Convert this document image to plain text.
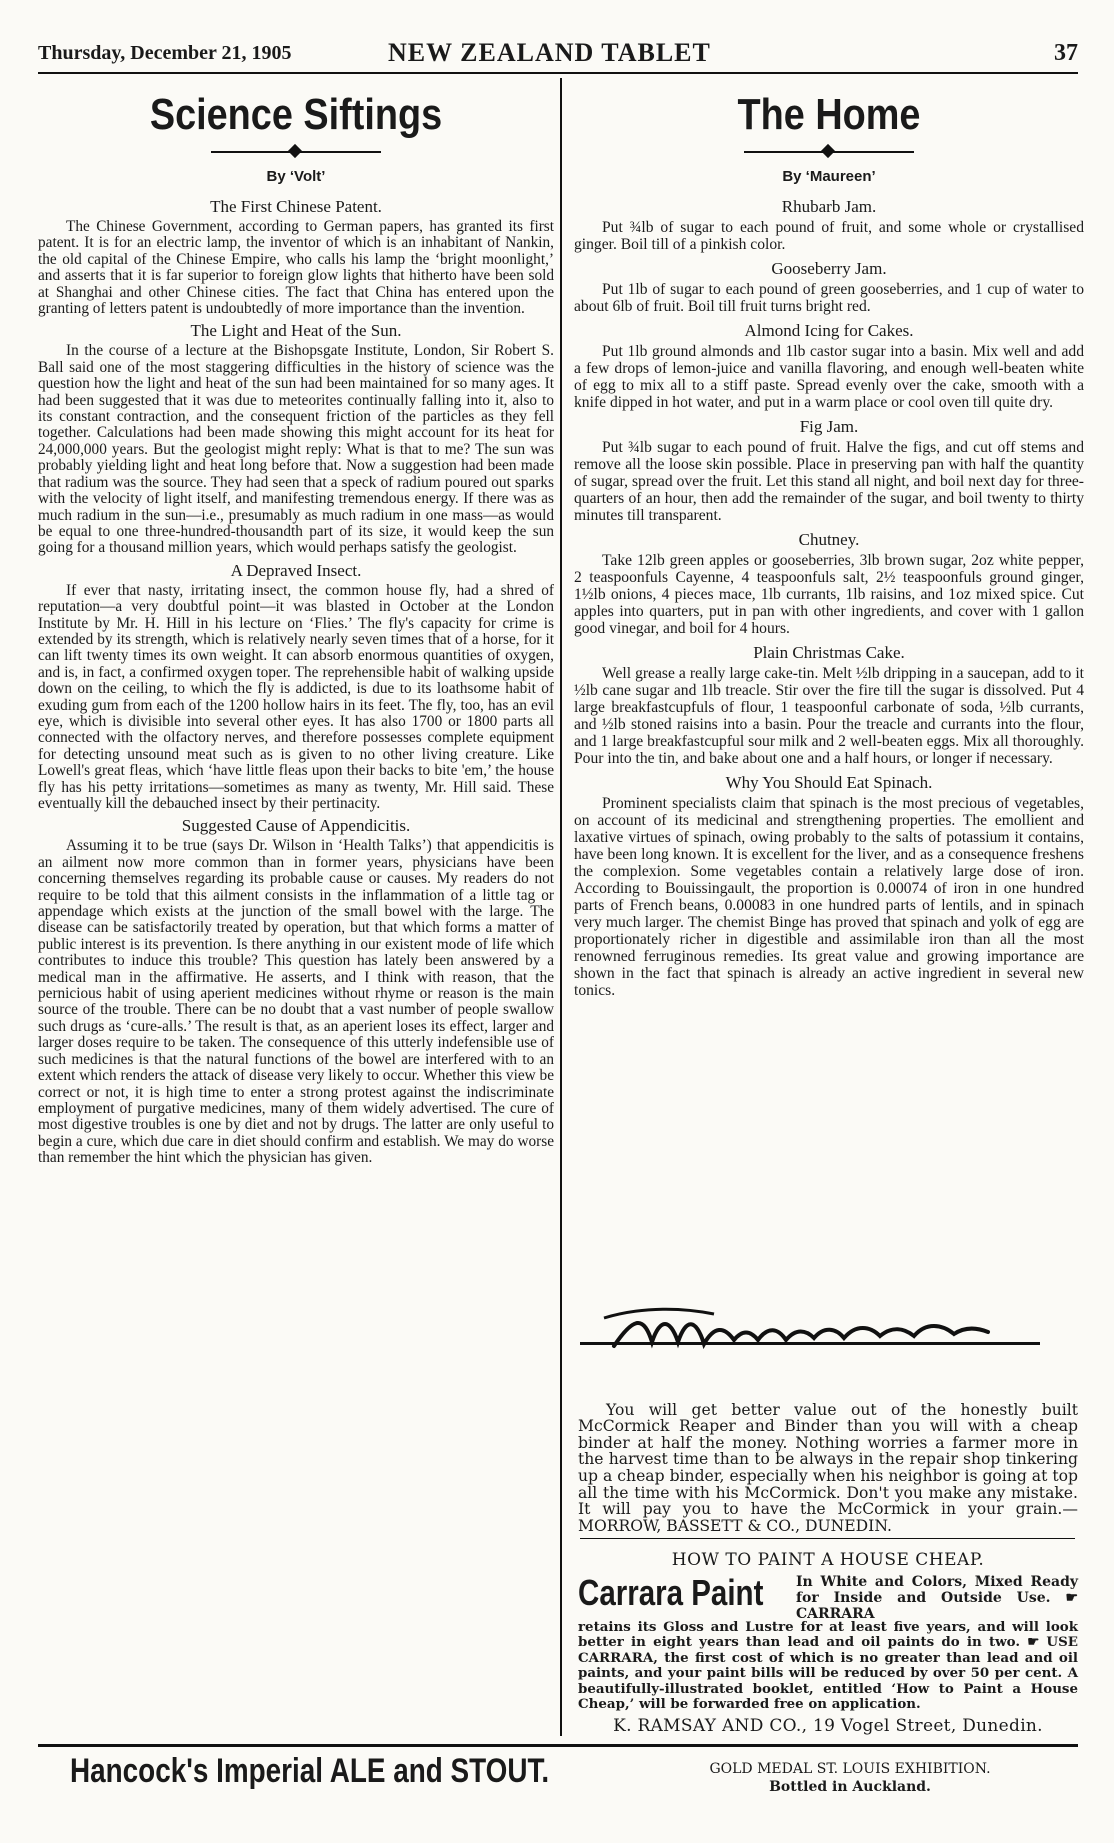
Thursday, December 21, 1905	NEW ZEALAND TABLET	37
Science Siftings
By ‘Volt’
The First Chinese Patent.

The Chinese Government, according to German papers, has granted its first patent. It is for an electric lamp, the inventor of which is an inhabitant of Nankin, the old capital of the Chinese Empire, who calls his lamp the ‘bright moonlight,’ and asserts that it is far superior to foreign glow lights that hitherto have been sold at Shanghai and other Chinese cities. The fact that China has entered upon the granting of letters patent is undoubtedly of more importance than the invention.

The Light and Heat of the Sun.

In the course of a lecture at the Bishopsgate Institute, London, Sir Robert S. Ball said one of the most staggering difficulties in the history of science was the question how the light and heat of the sun had been maintained for so many ages. It had been suggested that it was due to meteorites continually falling into it, also to its constant contraction, and the consequent friction of the particles as they fell together. Calculations had been made showing this might account for its heat for 24,000,000 years. But the geologist might reply: What is that to me? The sun was probably yielding light and heat long before that. Now a suggestion had been made that radium was the source. They had seen that a speck of radium poured out sparks with the velocity of light itself, and manifesting tremendous energy. If there was as much radium in the sun—i.e., presumably as much radium in one mass—as would be equal to one three-hundred-thousandth part of its size, it would keep the sun going for a thousand million years, which would perhaps satisfy the geologist.

A Depraved Insect.

If ever that nasty, irritating insect, the common house fly, had a shred of reputation—a very doubtful point—it was blasted in October at the London Institute by Mr. H. Hill in his lecture on ‘Flies.’ The fly's capacity for crime is extended by its strength, which is relatively nearly seven times that of a horse, for it can lift twenty times its own weight. It can absorb enormous quantities of oxygen, and is, in fact, a confirmed oxygen toper. The reprehensible habit of walking upside down on the ceiling, to which the fly is addicted, is due to its loathsome habit of exuding gum from each of the 1200 hollow hairs in its feet. The fly, too, has an evil eye, which is divisible into several other eyes. It has also 1700 or 1800 parts all connected with the olfactory nerves, and therefore possesses complete equipment for detecting unsound meat such as is given to no other living creature. Like Lowell's great fleas, which ‘have little fleas upon their backs to bite 'em,’ the house fly has his petty irritations—sometimes as many as twenty, Mr. Hill said. These eventually kill the debauched insect by their pertinacity.

Suggested Cause of Appendicitis.

Assuming it to be true (says Dr. Wilson in ‘Health Talks’) that appendicitis is an ailment now more common than in former years, physicians have been concerning themselves regarding its probable cause or causes. My readers do not require to be told that this ailment consists in the inflammation of a little tag or appendage which exists at the junction of the small bowel with the large. The disease can be satisfactorily treated by operation, but that which forms a matter of public interest is its prevention. Is there anything in our existent mode of life which contributes to induce this trouble? This question has lately been answered by a medical man in the affirmative. He asserts, and I think with reason, that the pernicious habit of using aperient medicines without rhyme or reason is the main source of the trouble. There can be no doubt that a vast number of people swallow such drugs as ‘cure-alls.’ The result is that, as an aperient loses its effect, larger and larger doses require to be taken. The consequence of this utterly indefensible use of such medicines is that the natural functions of the bowel are interfered with to an extent which renders the attack of disease very likely to occur. Whether this view be correct or not, it is high time to enter a strong protest against the indiscriminate employment of purgative medicines, many of them widely advertised. The cure of most digestive troubles is one by diet and not by drugs. The latter are only useful to begin a cure, which due care in diet should confirm and establish. We may do worse than remember the hint which the physician has given.

The Home
By ‘Maureen’
Rhubarb Jam.

Put ¾lb of sugar to each pound of fruit, and some whole or crystallised ginger. Boil till of a pinkish color.

Gooseberry Jam.

Put 1lb of sugar to each pound of green gooseberries, and 1 cup of water to about 6lb of fruit. Boil till fruit turns bright red.

Almond Icing for Cakes.

Put 1lb ground almonds and 1lb castor sugar into a basin. Mix well and add a few drops of lemon-juice and vanilla flavoring, and enough well-beaten white of egg to mix all to a stiff paste. Spread evenly over the cake, smooth with a knife dipped in hot water, and put in a warm place or cool oven till quite dry.

Fig Jam.

Put ¾lb sugar to each pound of fruit. Halve the figs, and cut off stems and remove all the loose skin possible. Place in preserving pan with half the quantity of sugar, spread over the fruit. Let this stand all night, and boil next day for three-quarters of an hour, then add the remainder of the sugar, and boil twenty to thirty minutes till transparent.

Chutney.

Take 12lb green apples or gooseberries, 3lb brown sugar, 2oz white pepper, 2 teaspoonfuls Cayenne, 4 teaspoonfuls salt, 2½ teaspoonfuls ground ginger, 1½lb onions, 4 pieces mace, 1lb currants, 1lb raisins, and 1oz mixed spice. Cut apples into quarters, put in pan with other ingredients, and cover with 1 gallon good vinegar, and boil for 4 hours.

Plain Christmas Cake.

Well grease a really large cake-tin. Melt ½lb dripping in a saucepan, add to it ½lb cane sugar and 1lb treacle. Stir over the fire till the sugar is dissolved. Put 4 large breakfastcupfuls of flour, 1 teaspoonful carbonate of soda, ½lb currants, and ½lb stoned raisins into a basin. Pour the treacle and currants into the flour, and 1 large breakfastcupful sour milk and 2 well-beaten eggs. Mix all thoroughly. Pour into the tin, and bake about one and a half hours, or longer if necessary.

Why You Should Eat Spinach.

Prominent specialists claim that spinach is the most precious of vegetables, on account of its medicinal and strengthening properties. The emollient and laxative virtues of spinach, owing probably to the salts of potassium it contains, have been long known. It is excellent for the liver, and as a consequence freshens the complexion. Some vegetables contain a relatively large dose of iron. According to Bouissingault, the proportion is 0.00074 of iron in one hundred parts of French beans, 0.00083 in one hundred parts of lentils, and in spinach very much larger. The chemist Binge has proved that spinach and yolk of egg are proportionately richer in digestible and assimilable iron than all the most renowned ferruginous remedies. Its great value and growing importance are shown in the fact that spinach is already an active ingredient in several new tonics.

You will get better value out of the honestly built McCormick Reaper and Binder than you will with a cheap binder at half the money. Nothing worries a farmer more in the harvest time than to be always in the repair shop tinkering up a cheap binder, especially when his neighbor is going at top all the time with his McCormick. Don't you make any mistake. It will pay you to have the McCormick in your grain.—MORROW, BASSETT & CO., DUNEDIN.

HOW TO PAINT A HOUSE CHEAP.
Carrara Paint In White and Colors, Mixed Ready for Inside and Outside Use. ☛CARRARA
retains its Gloss and Lustre for at least five years, and will look better in eight years than lead and oil paints do in two. ☛ USE CARRARA, the first cost of which is no greater than lead and oil paints, and your paint bills will be reduced by over 50 per cent. A beautifully-illustrated booklet, entitled ‘How to Paint a House Cheap,’ will be forwarded free on application.
K. RAMSAY AND CO., 19 Vogel Street, Dunedin.
Hancock's Imperial ALE and STOUT.	GOLD MEDAL ST. LOUIS EXHIBITION.
Bottled in Auckland.
